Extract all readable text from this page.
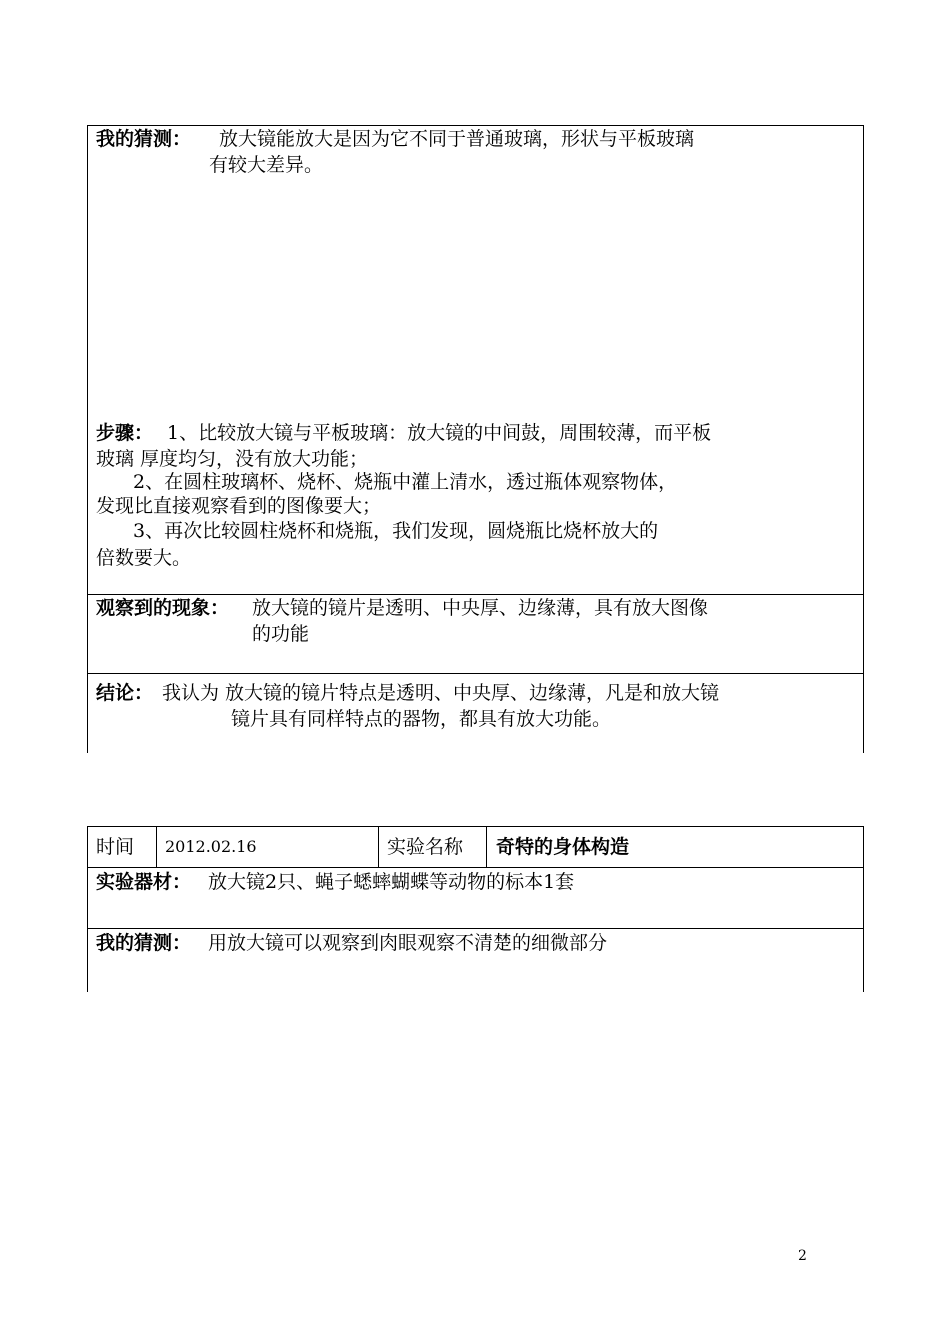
我的猜测： 放大镜能放大是因为它不同于普通玻璃，形状与平板玻璃
有较大差异。
步骤： 1、比较放大镜与平板玻璃：放大镜的中间鼓，周围较薄，而平板
玻璃 厚度均匀，没有放大功能；
2、在圆柱玻璃杯、烧杯、烧瓶中灌上清水，透过瓶体观察物体，
发现比直接观察看到的图像要大；
3、再次比较圆柱烧杯和烧瓶，我们发现，圆烧瓶比烧杯放大的
倍数要大。
观察到的现象： 放大镜的镜片是透明、中央厚、边缘薄，具有放大图像
的功能
结论： 我认为 放大镜的镜片特点是透明、中央厚、边缘薄，凡是和放大镜
镜片具有同样特点的器物，都具有放大功能。
时间 2012.02.16	实验名称 奇特的身体构造
实验器材： 放大镜2只、蝇子蟋蟀蝴蝶等动物的标本1套
我的猜测： 用放大镜可以观察到肉眼观察不清楚的细微部分
2
